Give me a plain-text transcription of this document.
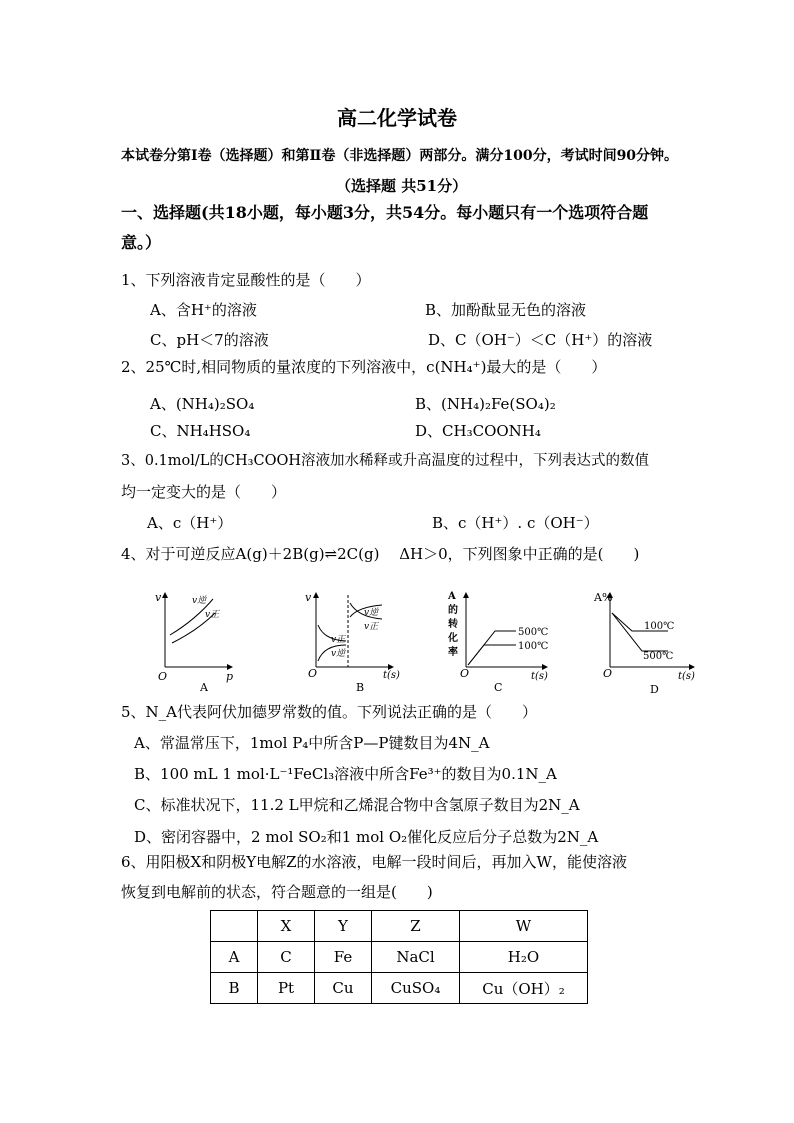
高二化学试卷
本试卷分第Ⅰ卷（选择题）和第Ⅱ卷（非选择题）两部分。满分100分，考试时间90分钟。
（选择题 共51分）
一、选择题(共18小题，每小题3分，共54分。每小题只有一个选项符合题
意。）
1、下列溶液肯定显酸性的是（　　）
A、含H⁺的溶液	B、加酚酞显无色的溶液
C、pH＜7的溶液	D、C（OH⁻）＜C（H⁺）的溶液
2、25℃时,相同物质的量浓度的下列溶液中，c(NH₄⁺)最大的是（　　）
A、(NH₄)₂SO₄	B、(NH₄)₂Fe(SO₄)₂
C、NH₄HSO₄	D、CH₃COONH₄
3、0.1mol/L的CH₃COOH溶液加水稀释或升高温度的过程中，下列表达式的数值
均一定变大的是（　　）
A、c（H⁺）	B、c（H⁺）. c（OH⁻）
4、对于可逆反应A(g)＋2B(g)⇌2C(g)　 ΔH＞0，下列图象中正确的是(　　)
v
p
O
v逆
v正
A
v
O
v逆
v正
v正
v逆
t(s)
B
A
的
转
化
率
O
500℃
100℃
t(s)
C
A%
O
100℃
500℃
t(s)
D
5、N_A代表阿伏加德罗常数的值。下列说法正确的是（　　）
A、常温常压下，1mol P₄中所含P—P键数目为4N_A
B、100 mL 1 mol·L⁻¹FeCl₃溶液中所含Fe³⁺的数目为0.1N_A
C、标准状况下，11.2 L甲烷和乙烯混合物中含氢原子数目为2N_A
D、密闭容器中，2 mol SO₂和1 mol O₂催化反应后分子总数为2N_A
6、用阳极X和阴极Y电解Z的水溶液，电解一段时间后，再加入W，能使溶液
恢复到电解前的状态，符合题意的一组是(　　)
	X	Y	Z	W
A	C	Fe	NaCl	H₂O
B	Pt	Cu	CuSO₄	Cu（OH）₂
